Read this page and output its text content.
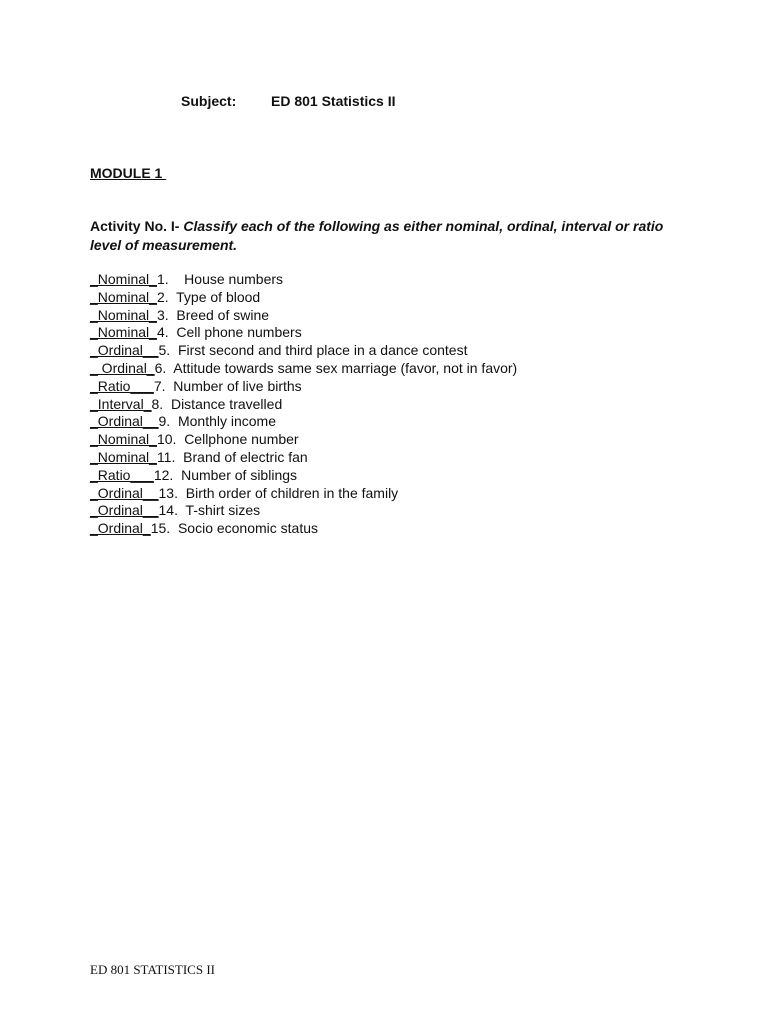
Subject: ED 801 Statistics II
MODULE 1
Activity No. I- Classify each of the following as either nominal, ordinal, interval or ratio level of measurement.
_Nominal_1.    House numbers
_Nominal_2. Type of blood
_Nominal_3. Breed of swine
_Nominal_4. Cell phone numbers
_Ordinal__5. First second and third place in a dance contest
_ Ordinal_6. Attitude towards same sex marriage (favor, not in favor)
_Ratio___7. Number of live births
_Interval_8. Distance travelled
_Ordinal__9. Monthly income
_Nominal_10. Cellphone number
_Nominal_11. Brand of electric fan
_Ratio___12. Number of siblings
_Ordinal__13. Birth order of children in the family
_Ordinal__14. T-shirt sizes
_Ordinal_15. Socio economic status
ED 801 STATISTICS II
